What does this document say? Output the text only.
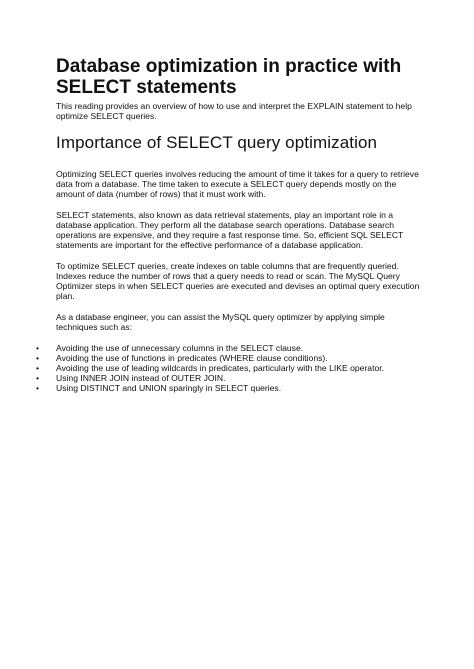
Database optimization in practice with SELECT statements

This reading provides an overview of how to use and interpret the EXPLAIN statement to help optimize SELECT queries.

Importance of SELECT query optimization

Optimizing SELECT queries involves reducing the amount of time it takes for a query to retrieve data from a database. The time taken to execute a SELECT query depends mostly on the amount of data (number of rows) that it must work with.

SELECT statements, also known as data retrieval statements, play an important role in a database application. They perform all the database search operations. Database search operations are expensive, and they require a fast response time. So, efficient SQL SELECT statements are important for the effective performance of a database application.

To optimize SELECT queries, create indexes on table columns that are frequently queried. Indexes reduce the number of rows that a query needs to read or scan. The MySQL Query Optimizer steps in when SELECT queries are executed and devises an optimal query execution plan.

As a database engineer, you can assist the MySQL query optimizer by applying simple techniques such as:

• Avoiding the use of unnecessary columns in the SELECT clause.
• Avoiding the use of functions in predicates (WHERE clause conditions).
• Avoiding the use of leading wildcards in predicates, particularly with the LIKE operator.
• Using INNER JOIN instead of OUTER JOIN.
• Using DISTINCT and UNION sparingly in SELECT queries.
